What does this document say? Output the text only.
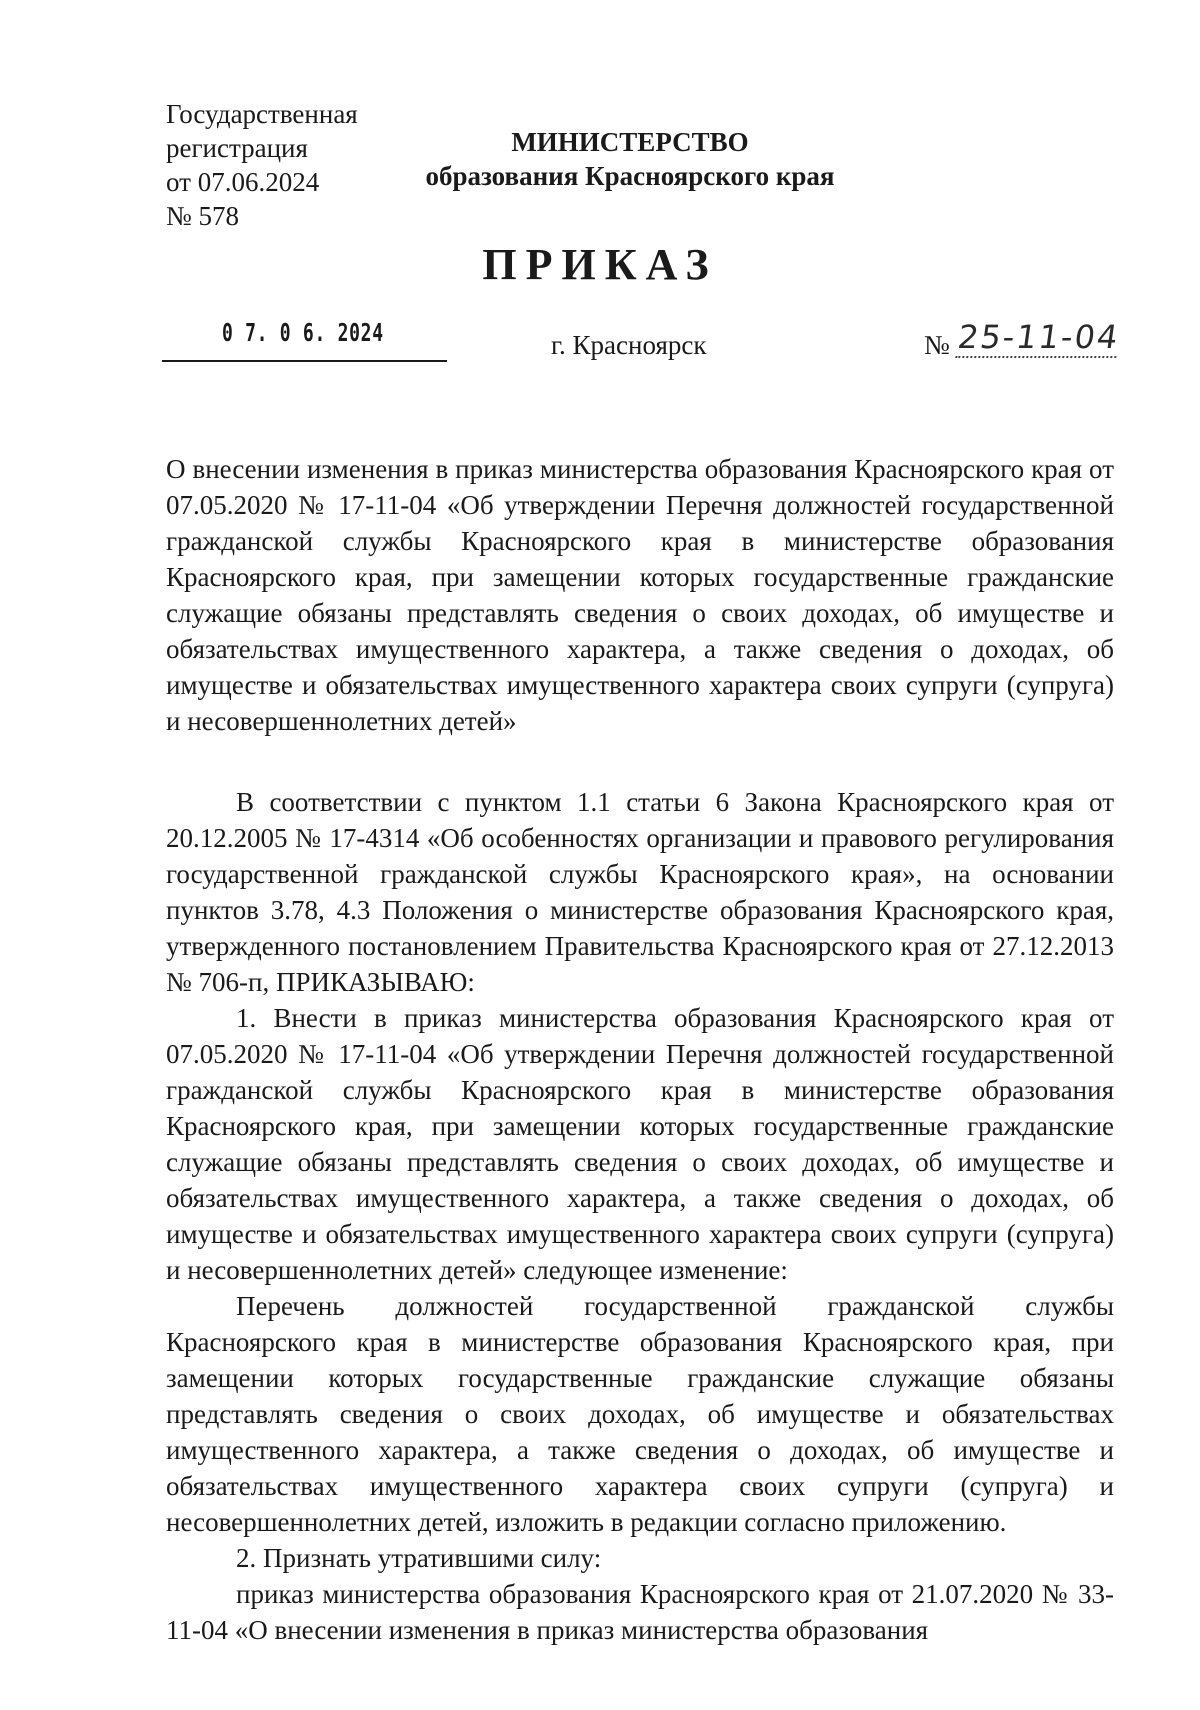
Государственная
регистрация
от 07.06.2024
№ 578
МИНИСТЕРСТВО
образования Красноярского края
ПРИКАЗ
0 7. 0 6. 2024	г. Красноярск	№ 25-11-04
О внесении изменения в приказ министерства образования Красноярского края от 07.05.2020 № 17-11-04 «Об утверждении Перечня должностей государственной гражданской службы Красноярского края в министерстве образования Красноярского края, при замещении которых государственные гражданские служащие обязаны представлять сведения о своих доходах, об имуществе и обязательствах имущественного характера, а также сведения о доходах, об имуществе и обязательствах имущественного характера своих супруги (супруга) и несовершеннолетних детей»

В соответствии с пунктом 1.1 статьи 6 Закона Красноярского края от 20.12.2005 № 17-4314 «Об особенностях организации и правового регулирования государственной гражданской службы Красноярского края», на основании пунктов 3.78, 4.3 Положения о министерстве образования Красноярского края, утвержденного постановлением Правительства Красноярского края от 27.12.2013 № 706-п, ПРИКАЗЫВАЮ:

1. Внести в приказ министерства образования Красноярского края от 07.05.2020 № 17-11-04 «Об утверждении Перечня должностей государственной гражданской службы Красноярского края в министерстве образования Красноярского края, при замещении которых государственные гражданские служащие обязаны представлять сведения о своих доходах, об имуществе и обязательствах имущественного характера, а также сведения о доходах, об имуществе и обязательствах имущественного характера своих супруги (супруга) и несовершеннолетних детей» следующее изменение:

Перечень должностей государственной гражданской службы Красноярского края в министерстве образования Красноярского края, при замещении которых государственные гражданские служащие обязаны представлять сведения о своих доходах, об имуществе и обязательствах имущественного характера, а также сведения о доходах, об имуществе и обязательствах имущественного характера своих супруги (супруга) и несовершеннолетних детей, изложить в редакции согласно приложению.

2. Признать утратившими силу:

приказ министерства образования Красноярского края от 21.07.2020 № 33-11-04 «О внесении изменения в приказ министерства образования
